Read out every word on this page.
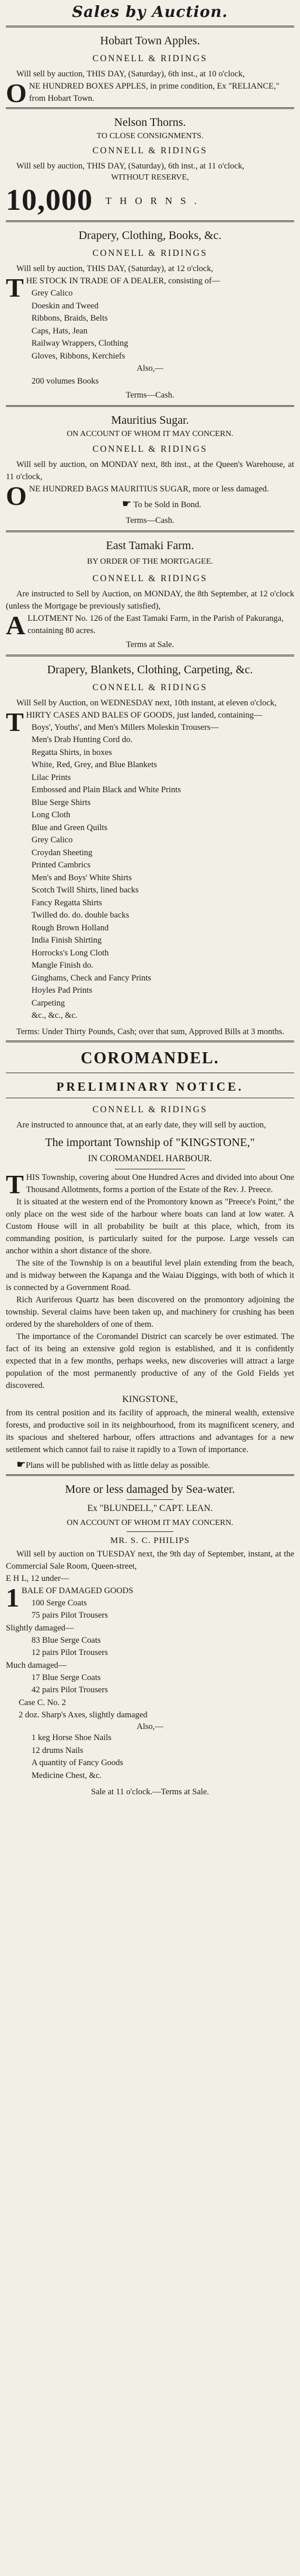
Sales by Auction.
Hobart Town Apples.
CONNELL & RIDINGS

Will sell by auction, THIS DAY, (Saturday), 6th inst., at 10 o'clock,

ONE HUNDRED BOXES APPLES, in prime condition, Ex "RELIANCE," from Hobart Town.

Nelson Thorns.
TO CLOSE CONSIGNMENTS.
CONNELL & RIDINGS

Will sell by auction, THIS DAY, (Saturday), 6th inst., at 11 o'clock,

WITHOUT RESERVE,
10,000 THORNS.
Drapery, Clothing, Books, &c.
CONNELL & RIDINGS

Will sell by auction, THIS DAY, (Saturday), at 12 o'clock,

THE STOCK IN TRADE OF A DEALER, consisting of—

Grey Calico
Doeskin and Tweed
Ribbons, Braids, Belts
Caps, Hats, Jean
Railway Wrappers, Clothing
Gloves, Ribbons, Kerchiefs
Also,—
200 volumes Books
Terms—Cash.
Mauritius Sugar.
ON ACCOUNT OF WHOM IT MAY CONCERN.
CONNELL & RIDINGS

Will sell by auction, on MONDAY next, 8th inst., at the Queen's Warehouse, at 11 o'clock,

ONE HUNDRED BAGS MAURITIUS SUGAR, more or less damaged.

☛ To be Sold in Bond.
Terms—Cash.
East Tamaki Farm.
BY ORDER OF THE MORTGAGEE.
CONNELL & RIDINGS

Are instructed to Sell by Auction, on MONDAY, the 8th September, at 12 o'clock (unless the Mortgage be previously satisfied),

ALLOTMENT No. 126 of the East Tamaki Farm, in the Parish of Pakuranga, containing 80 acres.

Terms at Sale.
Drapery, Blankets, Clothing, Carpeting, &c.
CONNELL & RIDINGS

Will Sell by Auction, on WEDNESDAY next, 10th instant, at eleven o'clock,

THIRTY CASES AND BALES OF GOODS, just landed, containing—

Boys', Youths', and Men's Millers Moleskin Trousers—
Men's Drab Hunting Cord do.
Regatta Shirts, in boxes
White, Red, Grey, and Blue Blankets
Lilac Prints
Embossed and Plain Black and White Prints
Blue Serge Shirts
Long Cloth
Blue and Green Quilts
Grey Calico
Croydan Sheeting
Printed Cambrics
Men's and Boys' White Shirts
Scotch Twill Shirts, lined backs
Fancy Regatta Shirts
Twilled do. do. double backs
Rough Brown Holland
India Finish Shirting
Horrocks's Long Cloth
Mangle Finish do.
Ginghams, Check and Fancy Prints
Hoyles Pad Prints
Carpeting
&c., &c., &c.

Terms: Under Thirty Pounds, Cash; over that sum, Approved Bills at 3 months.

COROMANDEL.
PRELIMINARY NOTICE.
CONNELL & RIDINGS

Are instructed to announce that, at an early date, they will sell by auction,

The important Township of "KINGSTONE,"
IN COROMANDEL HARBOUR.

THIS Township, covering about One Hundred Acres and divided into about One Thousand Allotments, forms a portion of the Estate of the Rev. J. Preece.

It is situated at the western end of the Promontory known as "Preece's Point," the only place on the west side of the harbour where boats can land at low water. A Custom House will in all probability be built at this place, which, from its commanding position, is particularly suited for the purpose. Large vessels can anchor within a short distance of the shore.

The site of the Township is on a beautiful level plain extending from the beach, and is midway between the Kapanga and the Waiau Diggings, with both of which it is connected by a Government Road.

Rich Auriferous Quartz has been discovered on the promontory adjoining the township. Several claims have been taken up, and machinery for crushing has been ordered by the shareholders of one of them.

The importance of the Coromandel District can scarcely be over estimated. The fact of its being an extensive gold region is established, and it is confidently expected that in a few months, perhaps weeks, new discoveries will attract a large population of the most permanently productive of any of the Gold Fields yet discovered.

KINGSTONE,

from its central position and its facility of approach, the mineral wealth, extensive forests, and productive soil in its neighbourhood, from its magnificent scenery, and its spacious and sheltered harbour, offers attractions and advantages for a new settlement which cannot fail to raise it rapidly to a Town of importance.

☛Plans will be published with as little delay as possible.

More or less damaged by Sea-water.
Ex "BLUNDELL," CAPT. LEAN.
ON ACCOUNT OF WHOM IT MAY CONCERN.
MR. S. C. PHILIPS

Will sell by auction on TUESDAY next, the 9th day of September, instant, at the Commercial Sale Room, Queen-street,

E H L, 12 under—

1 BALE OF DAMAGED GOODS

100 Serge Coats
75 pairs Pilot Trousers

Slightly damaged—

83 Blue Serge Coats
12 pairs Pilot Trousers

Much damaged—

17 Blue Serge Coats
42 pairs Pilot Trousers

Case C. No. 2

2 doz. Sharp's Axes, slightly damaged

Also,—
1 keg Horse Shoe Nails
12 drums Nails
A quantity of Fancy Goods
Medicine Chest, &c.
Sale at 11 o'clock.—Terms at Sale.
